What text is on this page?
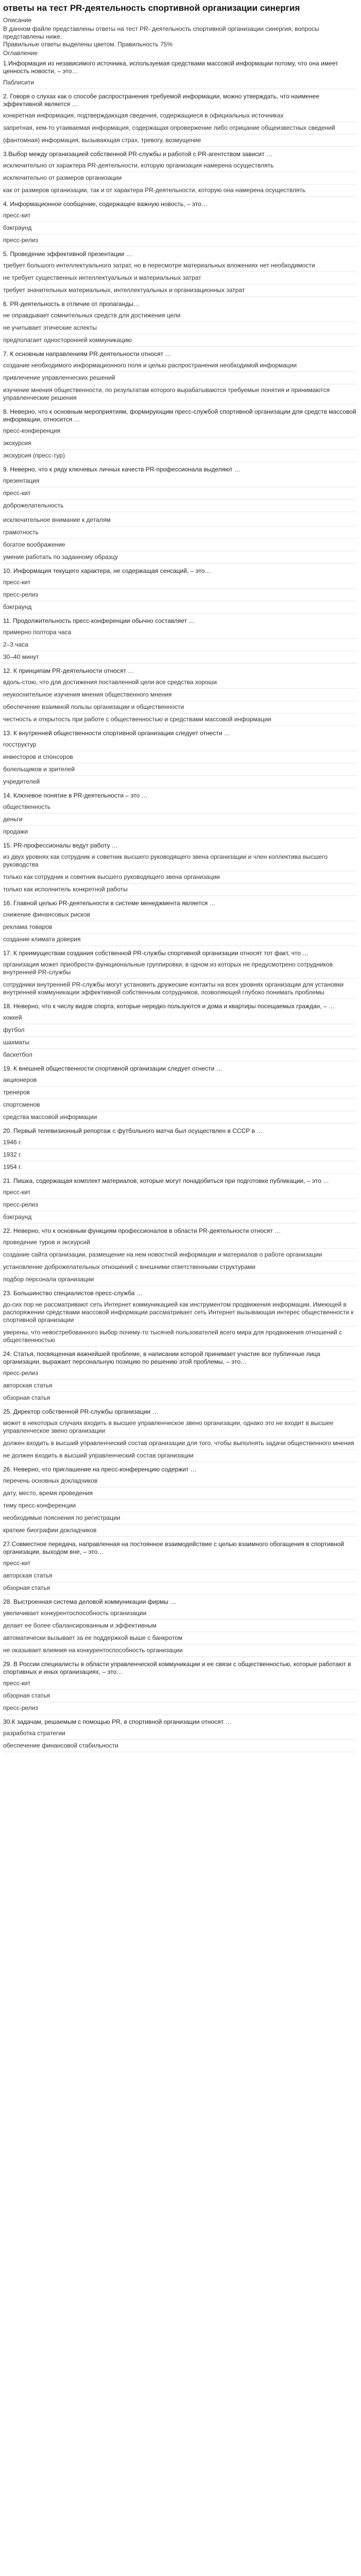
ответы на тест PR-деятельность спортивной организации синергия
Описание

В данном файле представлены ответы на тест PR- деятельность спортивной организации синергия, вопросы представлены ниже.

Правильные ответы выделены цветом. Правильность 75%

Оглавление
1.Информация из независимого источника, используемая средствами массовой информации потому, что она имеет ценность новости, – это…
Паблисити
2. Говоря о слухах как о способе распространения требуемой информации, можно утверждать, что наименее эффективной является …
конкретная информация, подтверждающая сведения, содержащиеся в официальных источниках
запретная, кем-то утаиваемая информация, содержащая опровержение либо отрицание общеизвестных сведений
(фантомная) информация, вызывающая страх, тревогу, возмущение
3.Выбор между организацией собственной PR-службы и работой с PR-агентством зависит …
исключительно от характера PR-деятельности, которую организация намерена осуществлять
исключительно от размеров организации
как от размеров организации, так и от характера PR-деятельности, которую она намерена осуществлять
4. Информационное сообщение, содержащее важную новость, – это…
пресс-кит
бэкграунд
пресс-релиз
5. Проведение эффективной презентации …
требует большого интеллектуального затрат, но в пересмотре материальных вложениях нет необходимости
не требует существенных интеллектуальных и материальных затрат
требует значительных материальных, интеллектуальных и организационных затрат
6. PR-деятельность в отличие от пропаганды…
не оправдывает сомнительных средств для достижения цели
не учитывает этические аспекты
предполагает односторонней коммуникацию
7. К основным направлениям PR-деятельности относят …
создание необходимого информационного поля и целью распространения необходимой информации
привлечение управленческих решений
изучение мнения общественности, по результатам которого вырабатываются требуемые понятия и принимаются управленческие решения
8. Неверно, что к основным мероприятиям, формирующим пресс-службой спортивной организации для средств массовой информации, относится …
пресс-конференция
экскурсия
экскурсия (пресс-тур)
9. Неверно, что к ряду ключевых личных качеств PR-профессионала выделяют …
презентация
пресс-кит
доброжелательность
исключительное внимание к деталям
грамотность
богатое воображение
умение работать по заданному образцу
10. Информация текущего характера, не содержащая сенсаций, – это…
пресс-кит
пресс-релиз
бэкграунд
11. Продолжительность пресс-конференции обычно составляет …
примерно полтора часа
2–3 часа
30–40 минут
12. К принципам PR-деятельности относят …
вдоль-стою, что для достижения поставленной цели все средства хороши
неукоснительное изучения мнения общественного мнения
обеспечение взаимной пользы организации и общественности
честность и открытость при работе с общественностью и средствами массовой информации
13. К внутренней общественности спортивной организации следует отнести …
госструктур
инвесторов и спонсоров
болельщиков и зрителей
учредителей
14. Ключевое понятие в PR-деятельности – это …
общественность
деньги
продажи
15. PR-профессионалы ведут работу …
из двух уровнях как сотрудник и советник высшего руководящего звена организации и член коллектива высшего руководства
только как сотрудник и советник высшего руководящего звена организации
только как исполнитель конкретной работы
16. Главной целью PR-деятельности в системе менеджмента является …
снижение финансовых рисков
реклама товаров
создание климата доверия
17. К преимуществам создания собственной PR-службы спортивной организации относят тот факт, что …
организация может приобрести функциональные группировки, в одном из которых не предусмотрено сотрудников внутренней PR-службы
сотрудники внутренней PR-службы могут установить дружеские контакты на всех уровнях организации для установки внутренней коммуникации эффективной собственным сотрудников, позволяющей глубоко понимать проблемы
18. Неверно, что к числу видов спорта, которые нередко пользуются и дома и квартиры посещаемых граждан, – …
хоккей
футбол
шахматы
баскетбол
19. К внешней общественности спортивной организации следует отнести …
акционеров
тренеров
спортсменов
средства массовой информации
20. Первый телевизионный репортаж с футбольного матча был осуществлен в СССР в …
1946 г.
1932 г.
1954 г.
21. Пишка, содержащая комплект материалов, которые могут понадобиться при подготовке публикации, – это …
пресс-кит
пресс-релиз
бэкграунд
22. Неверно, что к основным функциям профессионалов в области PR-деятельности относят …
проведение туров и экскурсий
создание сайта организации, размещение на нем новостной информации и материалов о работе организации
установление доброжелательных отношений с внешними ответственными структурами
подбор персонала организации
23. Большинство специалистов пресс-служба …
до-сих пор не рассматривают сеть Интернет коммуникацией как инструментом продвижения информации. Имеющей в распоряжении средствами массовой информации рассматривает сеть Интернет вызывающая интерес общественности к спортивной организации
уверены, что невостребованного выбор почему-то тысячей пользователей всего мира для продвижения отношений с общественностью
24. Статья, посвященная важнейшей проблеме, в написании которой принимает участие все публичные лица организации, выражает персональную позицию по решению этой проблемы, – это…
пресс-релиз
авторская статья
обзорная статья
25. Директор собственной PR-службы организации …
может в некоторых случаях входить в высшее управленческое звено организации, однако это не входит в высшее управленческое звено организации
должен входить в высший управленческий состав организации для того, чтобы выполнять задачи общественного мнения
не должен входить в высший управленческий состав организации
26. Неверно, что приглашение на пресс-конференцию содержит …
перечень основных докладчиков
дату, место, время проведения
тему пресс-конференции
необходимые пояснения по регистрации
краткие биографии докладчиков
27.Совместное передача, направленная на постоянное взаимодействие с целью взаимного обогащения в спортивной организации, выходом вне, – это…
пресс-кит
авторская статья
обзорная статья
28. Выстроенная система деловой коммуникации фирмы …
увеличивает конкурентоспособность организации
делает ее более сбалансированным и эффективным
автоматически вызывает за ее поддержкой выше с банкротом
не оказывает влияния на конкурентоспособность организации
29. В России специалисты в области управленческой коммуникации и ее связи с общественностью, которые работают в спортивных и иных организациях, – это…
пресс-кит
обзорная статья
пресс-релиз
30.К задачам, решаемым с помощью PR, в спортивной организации относят …
разработка стратегии
обеспечение финансовой стабильности
